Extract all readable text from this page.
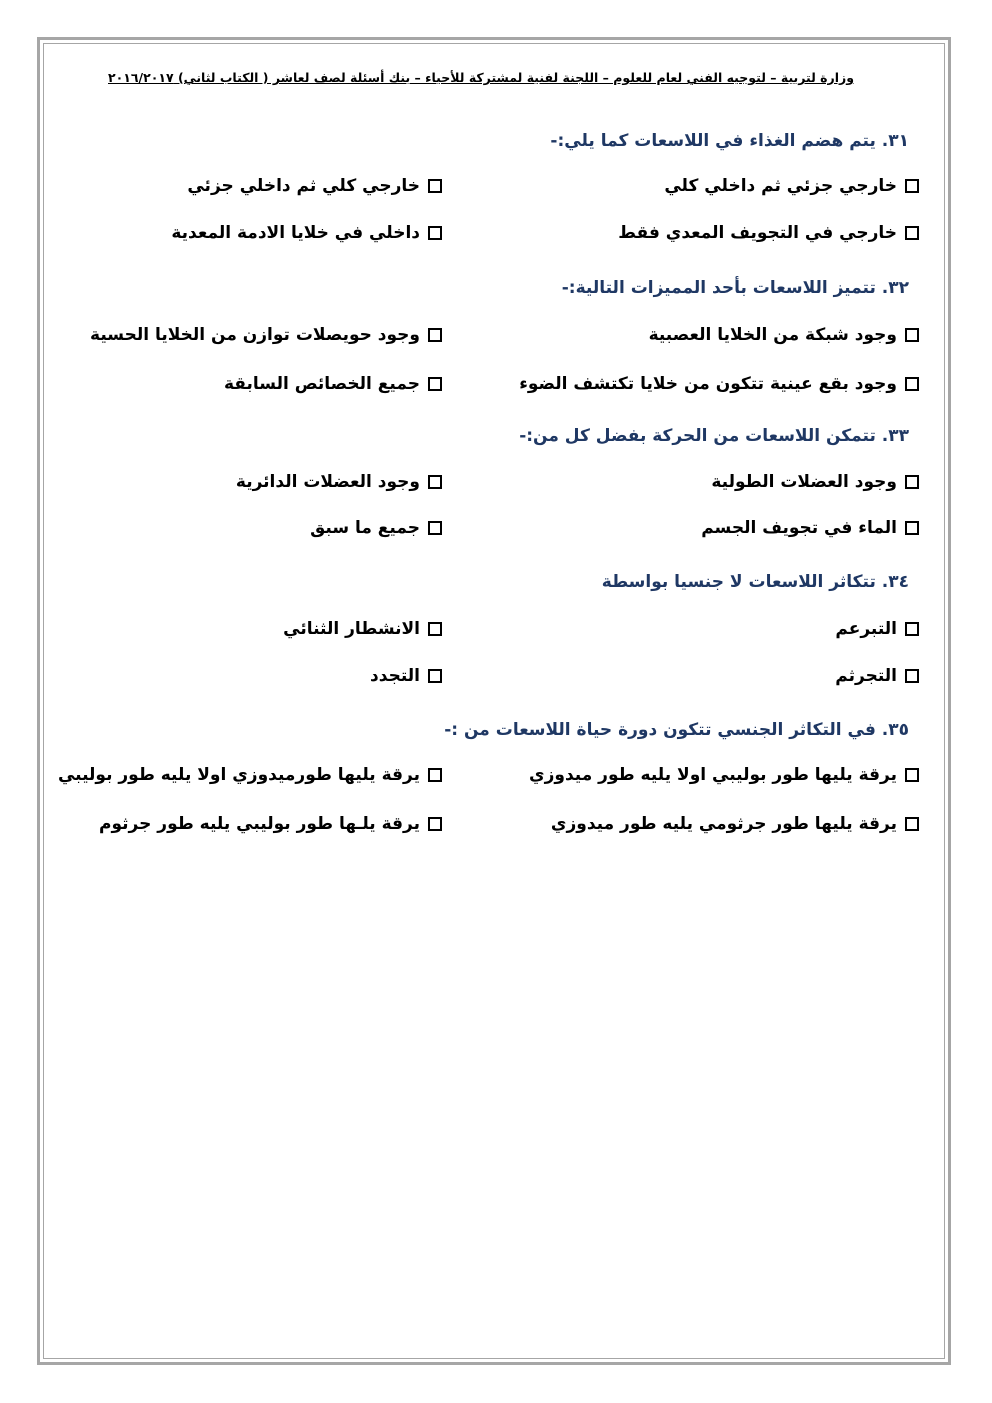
وزارة لتربية – لتوجيه الفني لعام للعلوم – اللجنة لفنية لمشتركة للأحياء – بنك أسئلة لصف لعاشر ( الكتاب لثاني) ٢٠١٦/٢٠١٧
٣١. يتم هضم الغذاء في اللاسعات كما يلي:-
خارجي جزئي ثم داخلي كلي
خارجي كلي ثم داخلي جزئي
خارجي في التجويف المعدي فقط
داخلي في خلايا الادمة المعدية
٣٢. تتميز اللاسعات بأحد المميزات التالية:-
وجود شبكة من الخلايا العصبية
وجود حويصلات توازن من الخلايا الحسية
وجود بقع عينية تتكون من خلايا تكتشف الضوء
جميع الخصائص السابقة
٣٣. تتمكن اللاسعات من الحركة بفضل كل من:-
وجود العضلات الطولية
وجود العضلات الدائرية
الماء في تجويف الجسم
جميع ما سبق
٣٤. تتكاثر اللاسعات لا جنسيا بواسطة
التبرعم
الانشطار الثنائي
التجرثم
التجدد
٣٥. في التكاثر الجنسي تتكون دورة حياة اللاسعات من :-
يرقة يليها طور بوليبي اولا يليه طور ميدوزي
يرقة يليها طورميدوزي اولا يليه طور بوليبي
يرقة يليها طور جرثومي يليه طور ميدوزي
يرقة يلـها طور بوليبي يليه طور جرثوم
